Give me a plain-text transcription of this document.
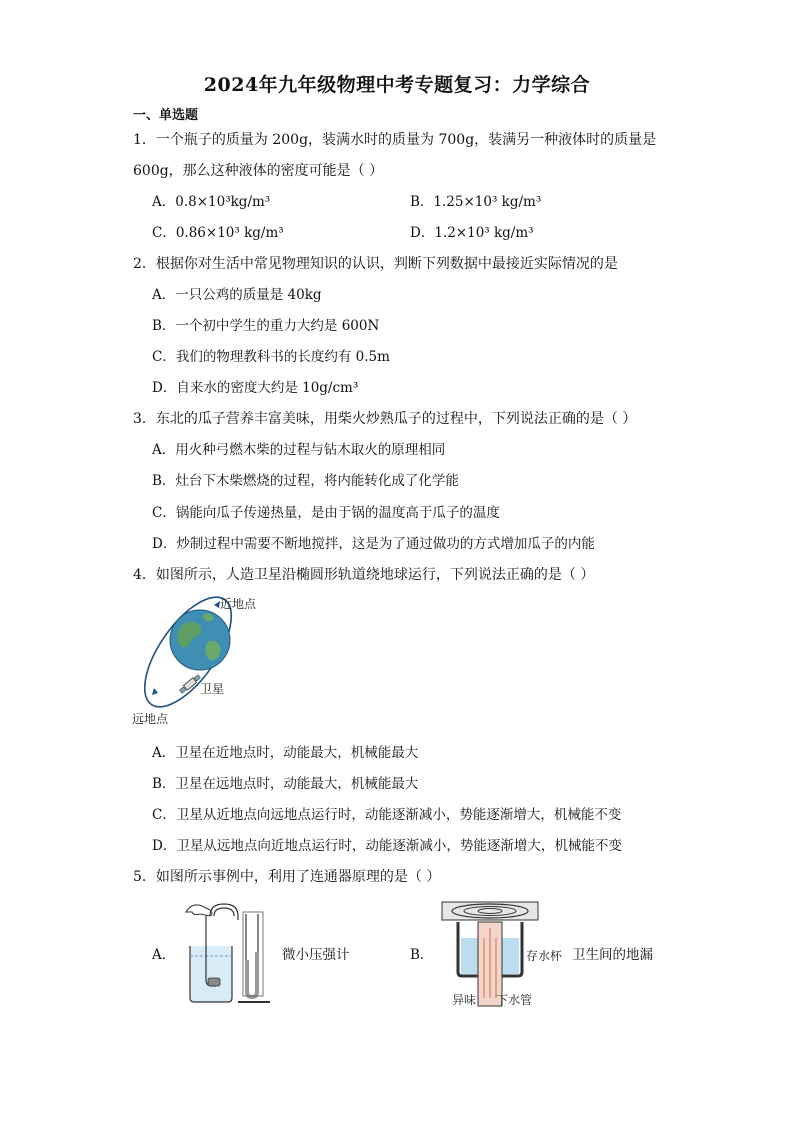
2024年九年级物理中考专题复习：力学综合
一、单选题
1．一个瓶子的质量为 200g，装满水时的质量为 700g，装满另一种液体时的质量是
600g，那么这种液体的密度可能是（ ）
A．0.8×10³kg/m³	B．1.25×10³ kg/m³
C．0.86×10³ kg/m³	D．1.2×10³ kg/m³
2．根据你对生活中常见物理知识的认识，判断下列数据中最接近实际情况的是
A．一只公鸡的质量是 40kg
B．一个初中学生的重力大约是 600N
C．我们的物理教科书的长度约有 0.5m
D．自来水的密度大约是 10g/cm³
3．东北的瓜子营养丰富美味，用柴火炒熟瓜子的过程中，下列说法正确的是（ ）
A．用火种弓燃木柴的过程与钻木取火的原理相同
B．灶台下木柴燃烧的过程，将内能转化成了化学能
C．锅能向瓜子传递热量，是由于锅的温度高于瓜子的温度
D．炒制过程中需要不断地搅拌，这是为了通过做功的方式增加瓜子的内能
4．如图所示，人造卫星沿椭圆形轨道绕地球运行，下列说法正确的是（ ）
近地点
卫星
远地点
A．卫星在近地点时，动能最大，机械能最大
B．卫星在远地点时，动能最大，机械能最大
C．卫星从近地点向远地点运行时，动能逐渐减小，势能逐渐增大，机械能不变
D．卫星从远地点向近地点运行时，动能逐渐减小，势能逐渐增大，机械能不变
5．如图所示事例中，利用了连通器原理的是（ ）
A．	微小压强计	B．	存水杯
异味 下水管
卫生间的地漏
